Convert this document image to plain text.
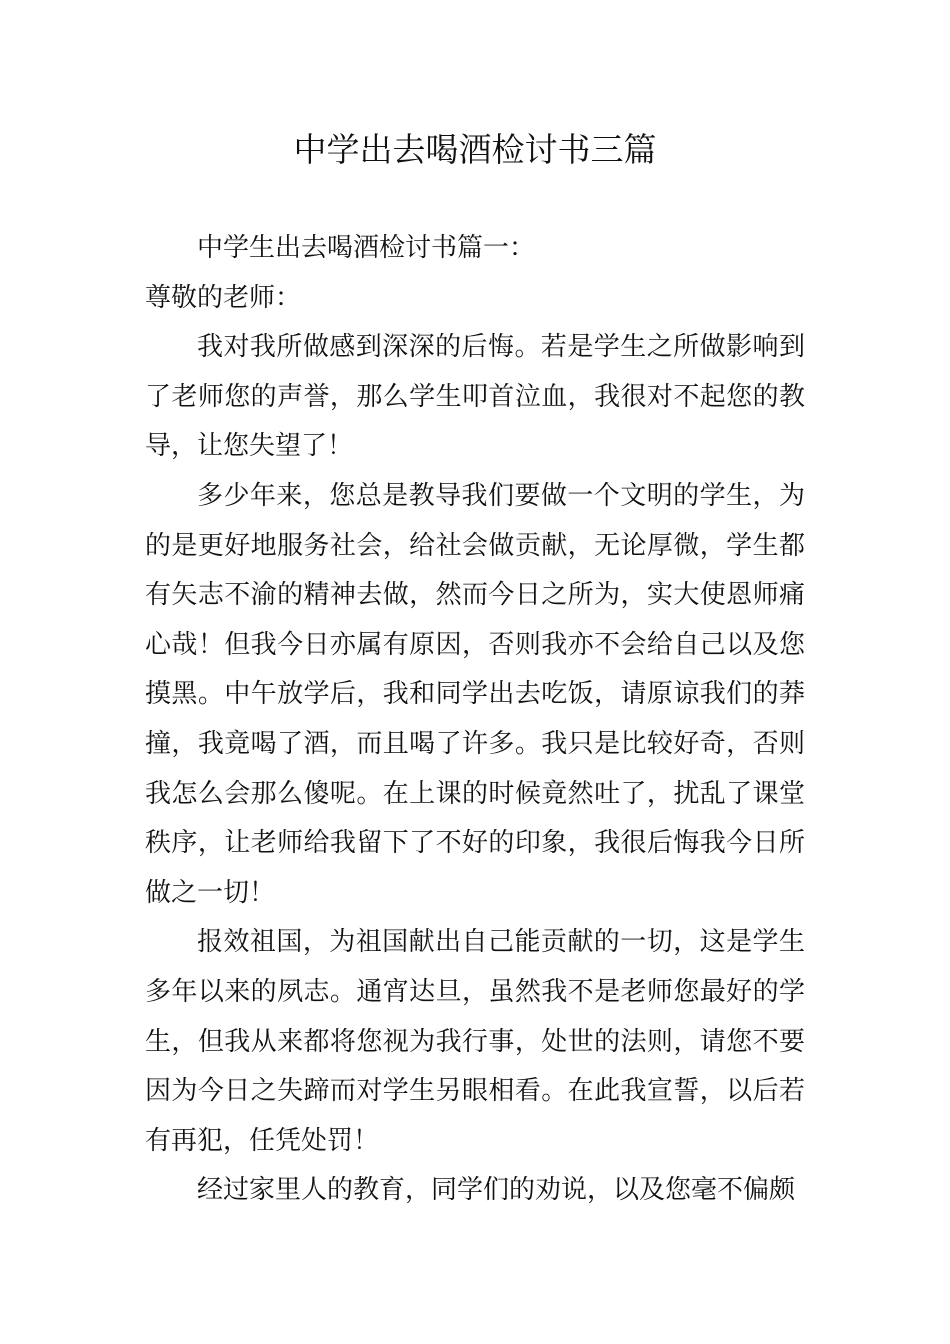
中学出去喝酒检讨书三篇

中学生出去喝酒检讨书篇一：

尊敬的老师：

我对我所做感到深深的后悔。若是学生之所做影响到了老师您的声誉，那么学生叩首泣血，我很对不起您的教导，让您失望了！

多少年来，您总是教导我们要做一个文明的学生，为的是更好地服务社会，给社会做贡献，无论厚微，学生都有矢志不渝的精神去做，然而今日之所为，实大使恩师痛心哉！但我今日亦属有原因，否则我亦不会给自己以及您摸黑。中午放学后，我和同学出去吃饭，请原谅我们的莽撞，我竟喝了酒，而且喝了许多。我只是比较好奇，否则我怎么会那么傻呢。在上课的时候竟然吐了，扰乱了课堂秩序，让老师给我留下了不好的印象，我很后悔我今日所做之一切！

报效祖国，为祖国献出自己能贡献的一切，这是学生多年以来的夙志。通宵达旦，虽然我不是老师您最好的学生，但我从来都将您视为我行事，处世的法则，请您不要因为今日之失蹄而对学生另眼相看。在此我宣誓，以后若有再犯，任凭处罚！

经过家里人的教育，同学们的劝说，以及您毫不偏颇
